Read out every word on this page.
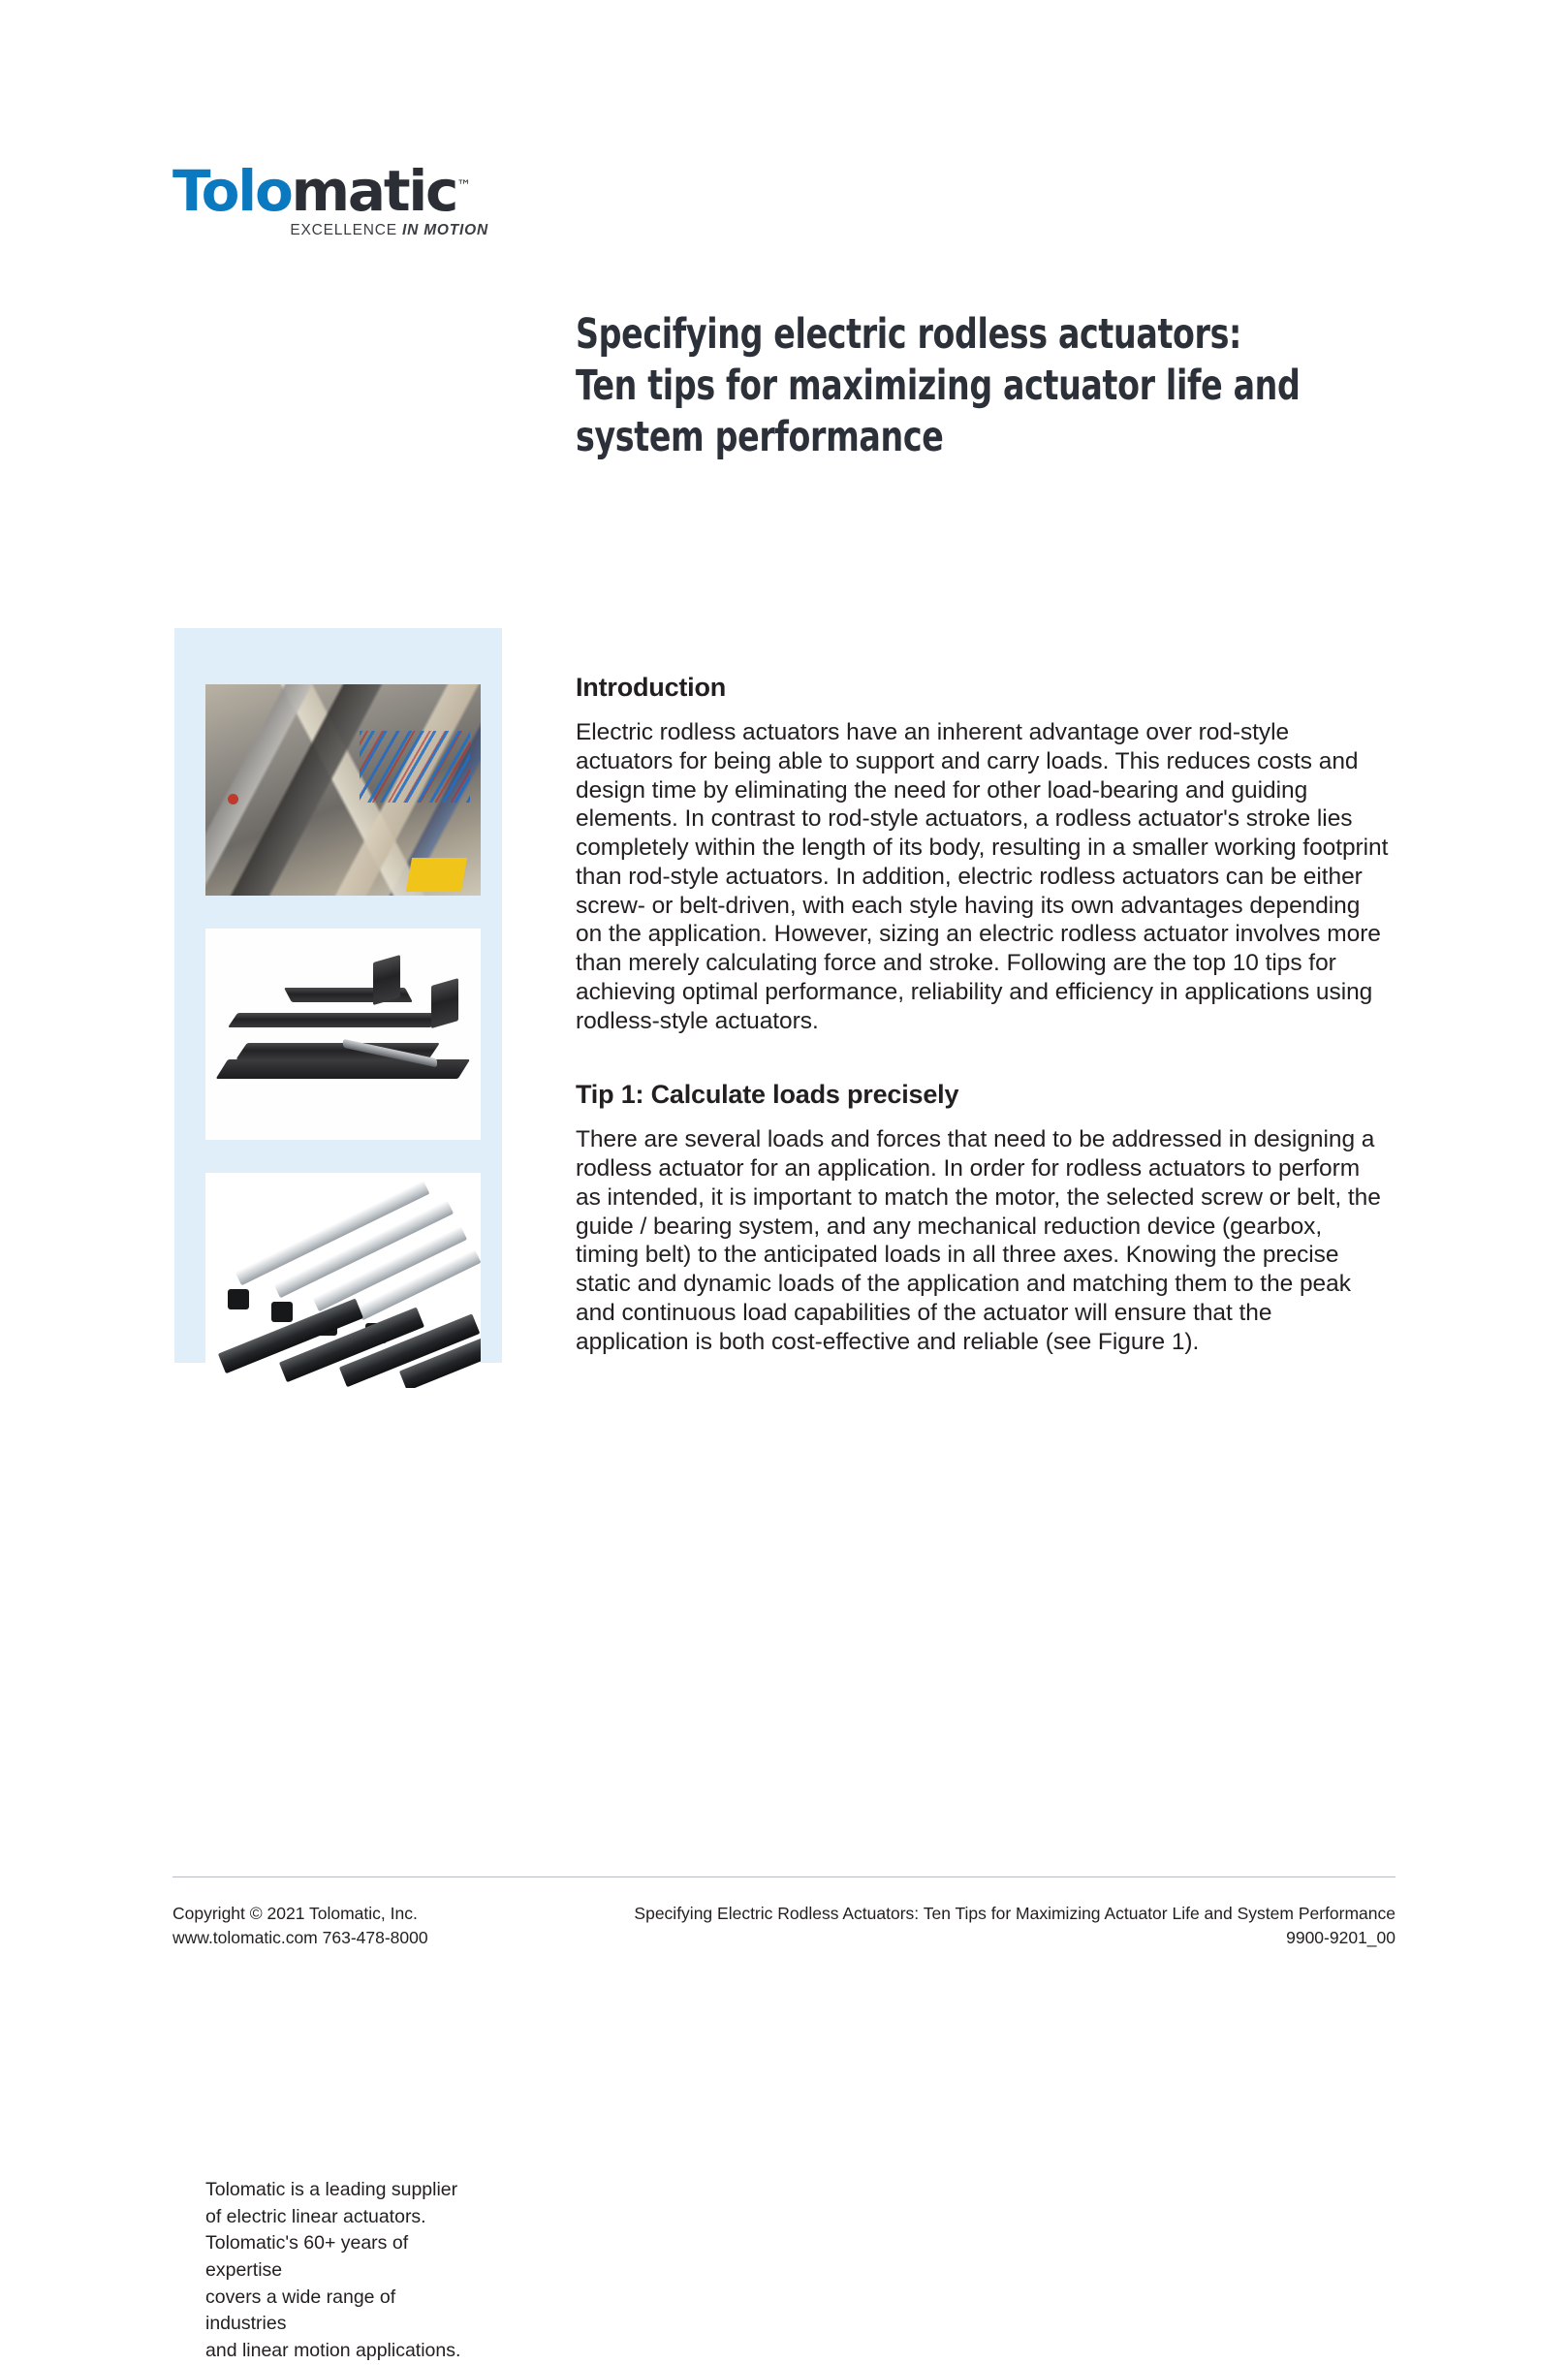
Tolomatic™
EXCELLENCE IN MOTION
Specifying electric rodless actuators:
Ten tips for maximizing actuator life and
system performance

Tolomatic is a leading supplier

of electric linear actuators.

Tolomatic's 60+ years of expertise

covers a wide range of industries

and linear motion applications.

Introduction

Electric rodless actuators have an inherent advantage over rod-style actuators for being able to support and carry loads. This reduces costs and design time by eliminating the need for other load-bearing and guiding elements. In contrast to rod-style actuators, a rodless actuator's stroke lies completely within the length of its body, resulting in a smaller working footprint than rod-style actuators. In addition, electric rodless actuators can be either screw- or belt-driven, with each style having its own advantages depending on the application. However, sizing an electric rodless actuator involves more than merely calculating force and stroke. Following are the top 10 tips for achieving optimal performance, reliability and efficiency in applications using rodless-style actuators.

Tip 1: Calculate loads precisely

There are several loads and forces that need to be addressed in designing a rodless actuator for an application. In order for rodless actuators to perform as intended, it is important to match the motor, the selected screw or belt, the guide / bearing system, and any mechanical reduction device (gearbox, timing belt) to the anticipated loads in all three axes. Knowing the precise static and dynamic loads of the application and matching them to the peak and continuous load capabilities of the actuator will ensure that the application is both cost-effective and reliable (see Figure 1).

Copyright © 2021 Tolomatic, Inc.

www.tolomatic.com 763-478-8000

Specifying Electric Rodless Actuators: Ten Tips for Maximizing Actuator Life and System Performance

9900-9201_00
